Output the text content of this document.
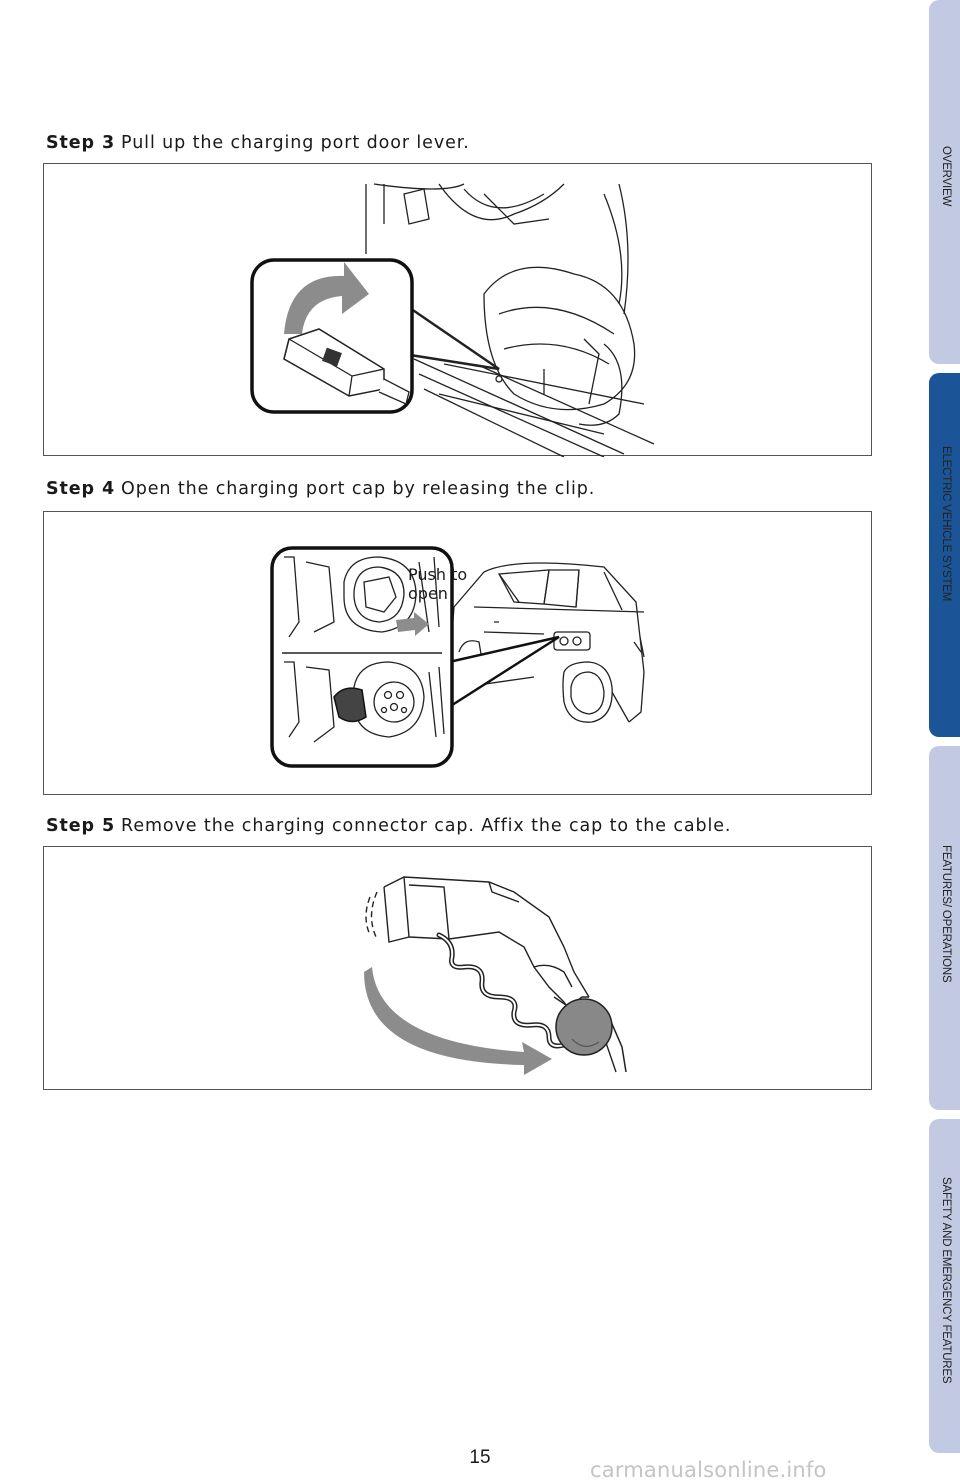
OVERVIEW
ELECTRIC VEHICLE SYSTEM
FEATURES/ OPERATIONS
SAFETY AND EMERGENCY FEATURES
Step 3 Pull up the charging port door lever.
Step 4 Open the charging port cap by releasing the clip.
Push to
open
Step 5 Remove the charging connector cap. Affix the cap to the cable.
15
carmanualsonline.info
